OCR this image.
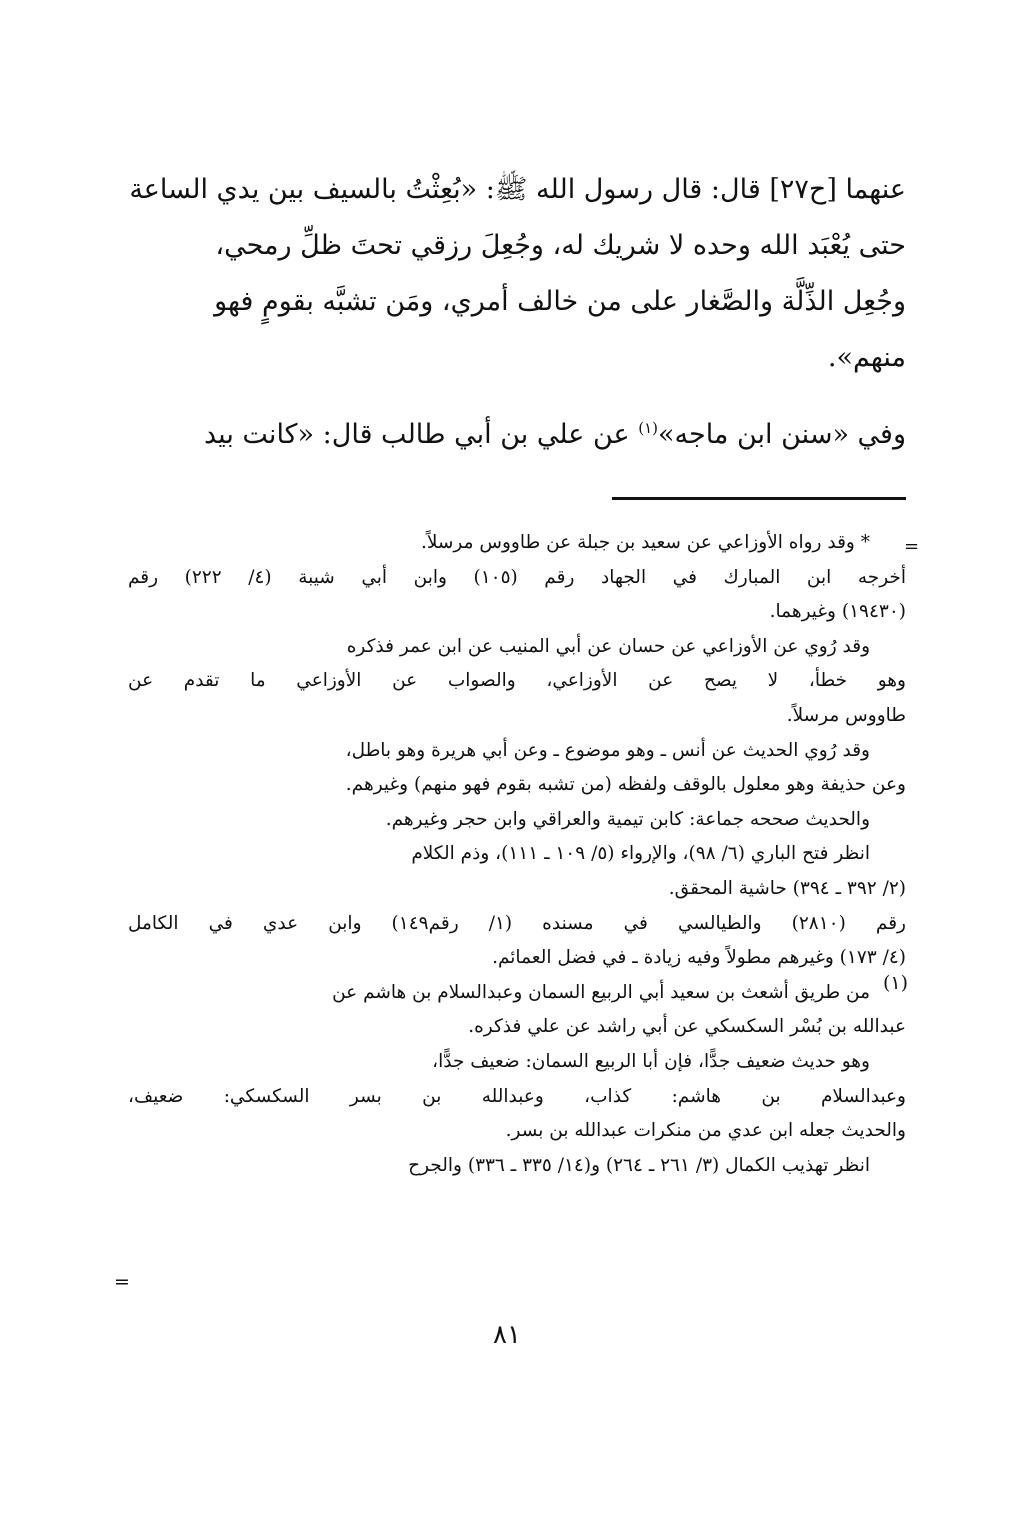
عنهما [ح٢٧] قال: قال رسول الله ﷺ: «بُعِثْتُ بالسيف بين يدي الساعة
حتى يُعْبَد الله وحده لا شريك له، وجُعِلَ رزقي تحتَ ظلِّ رمحي،
وجُعِل الذِّلَّة والصَّغار على من خالف أمري، ومَن تشبَّه بقومٍ فهو
منهم».

وفي «سنن ابن ماجه»$^{(١)}$ عن علي بن أبي طالب قال: «كانت بيد

=
* وقد رواه الأوزاعي عن سعيد بن جبلة عن طاووس مرسلاً.
أخرجه ابن المبارك في الجهاد رقم (١٠٥) وابن أبي شيبة (٤/ ٢٢٢) رقم
(١٩٤٣٠) وغيرهما.
وقد رُوي عن الأوزاعي عن حسان عن أبي المنيب عن ابن عمر فذكره
وهو خطأ، لا يصح عن الأوزاعي، والصواب عن الأوزاعي ما تقدم عن
طاووس مرسلاً.
وقد رُوي الحديث عن أنس ـ وهو موضوع ـ وعن أبي هريرة وهو باطل،
وعن حذيفة وهو معلول بالوقف ولفظه (من تشبه بقوم فهو منهم) وغيرهم.
والحديث صححه جماعة: كابن تيمية والعراقي وابن حجر وغيرهم.
انظر فتح الباري (٦/ ٩٨)، والإرواء (٥/ ١٠٩ ـ ١١١)، وذم الكلام
(٢/ ٣٩٢ ـ ٣٩٤) حاشية المحقق.
رقم (٢٨١٠) والطيالسي في مسنده (١/ رقم١٤٩) وابن عدي في الكامل
(٤/ ١٧٣) وغيرهم مطولاً وفيه زيادة ـ في فضل العمائم.
من طريق أشعث بن سعيد أبي الربيع السمان وعبدالسلام بن هاشم عن
عبدالله بن بُسْر السكسكي عن أبي راشد عن علي فذكره.
وهو حديث ضعيف جدًّا، فإن أبا الربيع السمان: ضعيف جدًّا،
وعبدالسلام بن هاشم: كذاب، وعبدالله بن بسر السكسكي: ضعيف،
والحديث جعله ابن عدي من منكرات عبدالله بن بسر.
انظر تهذيب الكمال (٣/ ٢٦١ ـ ٢٦٤) و(١٤/ ٣٣٥ ـ ٣٣٦) والجرح
(١)
=
٨١
